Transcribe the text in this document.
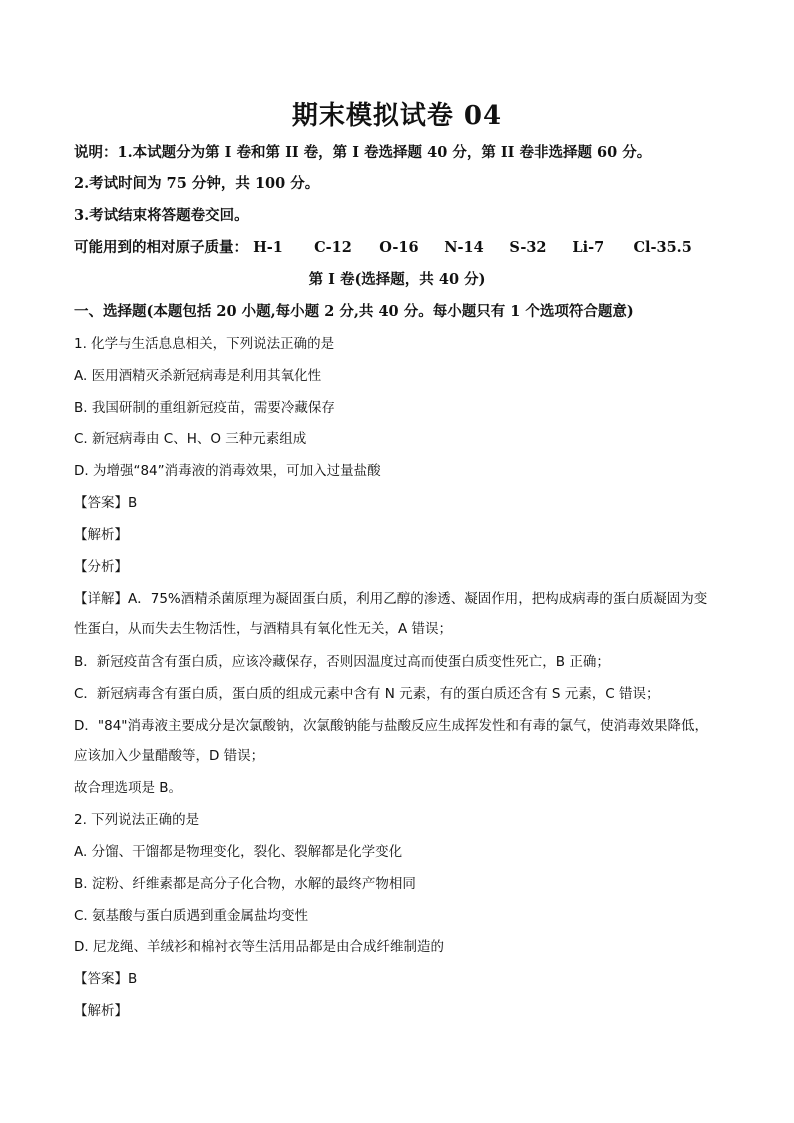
期末模拟试卷 04
说明：1.本试题分为第 I 卷和第 II 卷，第 I 卷选择题 40 分，第 II 卷非选择题 60 分。
2.考试时间为 75 分钟，共 100 分。
3.考试结束将答题卷交回。
可能用到的相对原子质量： H-1 C-12 O-16 N-14 S-32 Li-7 Cl-35.5
第 I 卷(选择题，共 40 分)
一、选择题(本题包括 20 小题,每小题 2 分,共 40 分。每小题只有 1 个选项符合题意)
1. 化学与生活息息相关，下列说法正确的是
A. 医用酒精灭杀新冠病毒是利用其氧化性
B. 我国研制的重组新冠疫苗，需要冷藏保存
C. 新冠病毒由 C、H、O 三种元素组成
D. 为增强“84”消毒液的消毒效果，可加入过量盐酸
【答案】B
【解析】
【分析】
【详解】A．75%酒精杀菌原理为凝固蛋白质，利用乙醇的渗透、凝固作用，把构成病毒的蛋白质凝固为变
性蛋白，从而失去生物活性，与酒精具有氧化性无关，A 错误；
B．新冠疫苗含有蛋白质，应该冷藏保存，否则因温度过高而使蛋白质变性死亡，B 正确；
C．新冠病毒含有蛋白质，蛋白质的组成元素中含有 N 元素，有的蛋白质还含有 S 元素，C 错误；
D．"84"消毒液主要成分是次氯酸钠，次氯酸钠能与盐酸反应生成挥发性和有毒的氯气，使消毒效果降低，
应该加入少量醋酸等，D 错误；
故合理选项是 B。
2. 下列说法正确的是
A. 分馏、干馏都是物理变化，裂化、裂解都是化学变化
B. 淀粉、纤维素都是高分子化合物，水解的最终产物相同
C. 氨基酸与蛋白质遇到重金属盐均变性
D. 尼龙绳、羊绒衫和棉衬衣等生活用品都是由合成纤维制造的
【答案】B
【解析】
